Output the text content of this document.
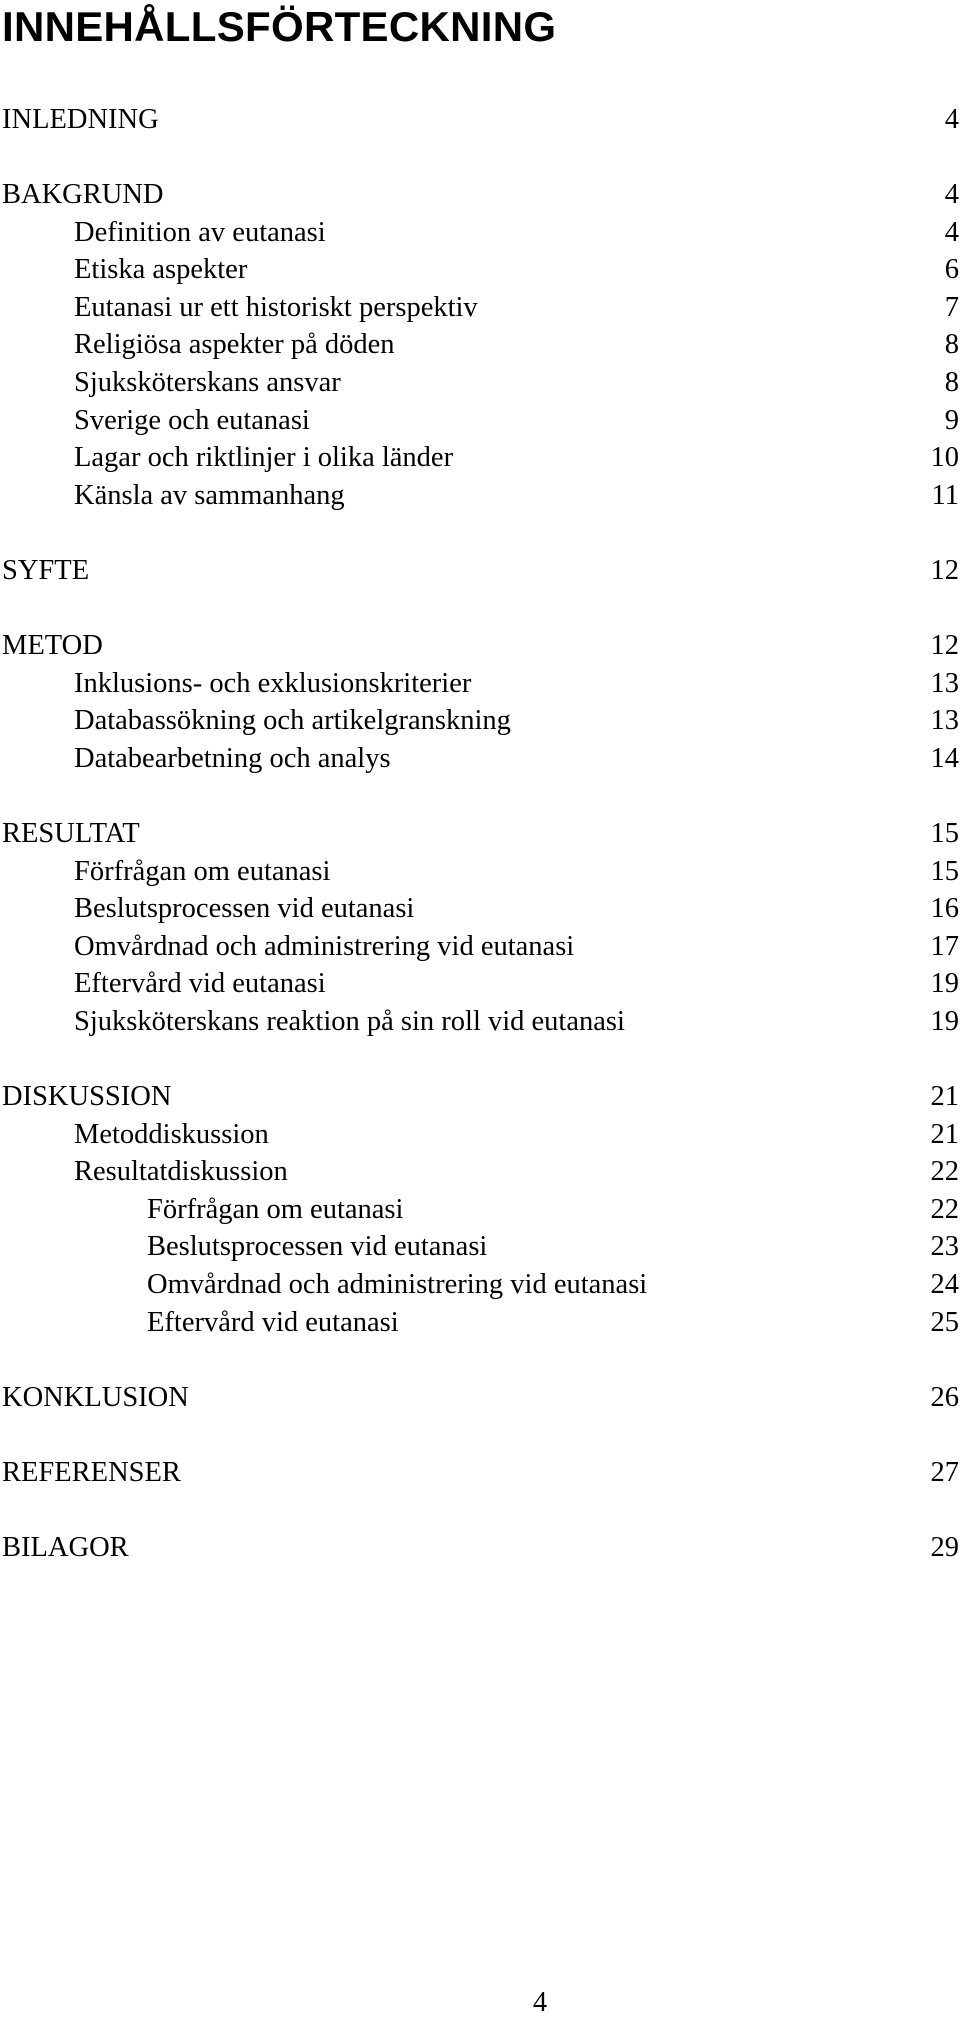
INNEHÅLLSFÖRTECKNING
INLEDNING	4
BAKGRUND	4
Definition av eutanasi	4
Etiska aspekter	6
Eutanasi ur ett historiskt perspektiv	7
Religiösa aspekter på döden	8
Sjuksköterskans ansvar	8
Sverige och eutanasi	9
Lagar och riktlinjer i olika länder	10
Känsla av sammanhang	11
SYFTE	12
METOD	12
Inklusions- och exklusionskriterier	13
Databassökning och artikelgranskning	13
Databearbetning och analys	14
RESULTAT	15
Förfrågan om eutanasi	15
Beslutsprocessen vid eutanasi	16
Omvårdnad och administrering vid eutanasi	17
Eftervård vid eutanasi	19
Sjuksköterskans reaktion på sin roll vid eutanasi	19
DISKUSSION	21
Metoddiskussion	21
Resultatdiskussion	22
Förfrågan om eutanasi	22
Beslutsprocessen vid eutanasi	23
Omvårdnad och administrering vid eutanasi	24
Eftervård vid eutanasi	25
KONKLUSION	26
REFERENSER	27
BILAGOR	29
4
